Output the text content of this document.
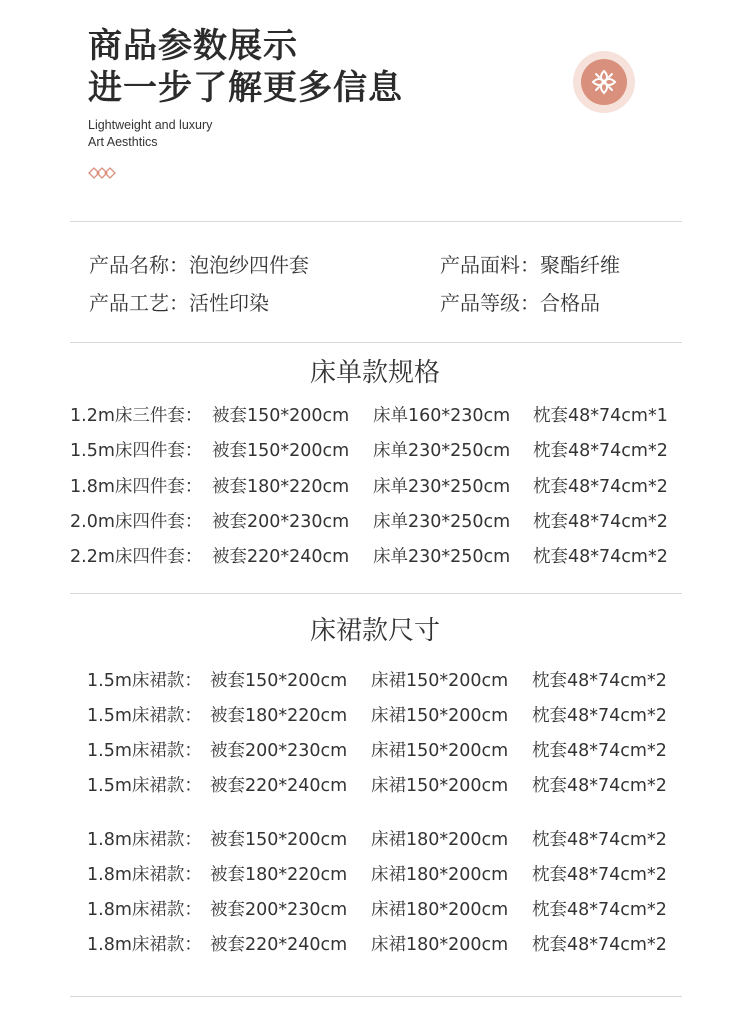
商品参数展示
进一步了解更多信息
Lightweight and luxury
Art Aesthtics
产品名称：泡泡纱四件套	产品面料：聚酯纤维
产品工艺：活性印染	产品等级：合格品
床单款规格
1.2m床三件套： 被套150*200cm 床单160*230cm 枕套48*74cm*1
1.5m床四件套： 被套150*200cm 床单230*250cm 枕套48*74cm*2
1.8m床四件套： 被套180*220cm 床单230*250cm 枕套48*74cm*2
2.0m床四件套： 被套200*230cm 床单230*250cm 枕套48*74cm*2
2.2m床四件套： 被套220*240cm 床单230*250cm 枕套48*74cm*2
床裙款尺寸
1.5m床裙款： 被套150*200cm 床裙150*200cm 枕套48*74cm*2
1.5m床裙款： 被套180*220cm 床裙150*200cm 枕套48*74cm*2
1.5m床裙款： 被套200*230cm 床裙150*200cm 枕套48*74cm*2
1.5m床裙款： 被套220*240cm 床裙150*200cm 枕套48*74cm*2
1.8m床裙款： 被套150*200cm 床裙180*200cm 枕套48*74cm*2
1.8m床裙款： 被套180*220cm 床裙180*200cm 枕套48*74cm*2
1.8m床裙款： 被套200*230cm 床裙180*200cm 枕套48*74cm*2
1.8m床裙款： 被套220*240cm 床裙180*200cm 枕套48*74cm*2
